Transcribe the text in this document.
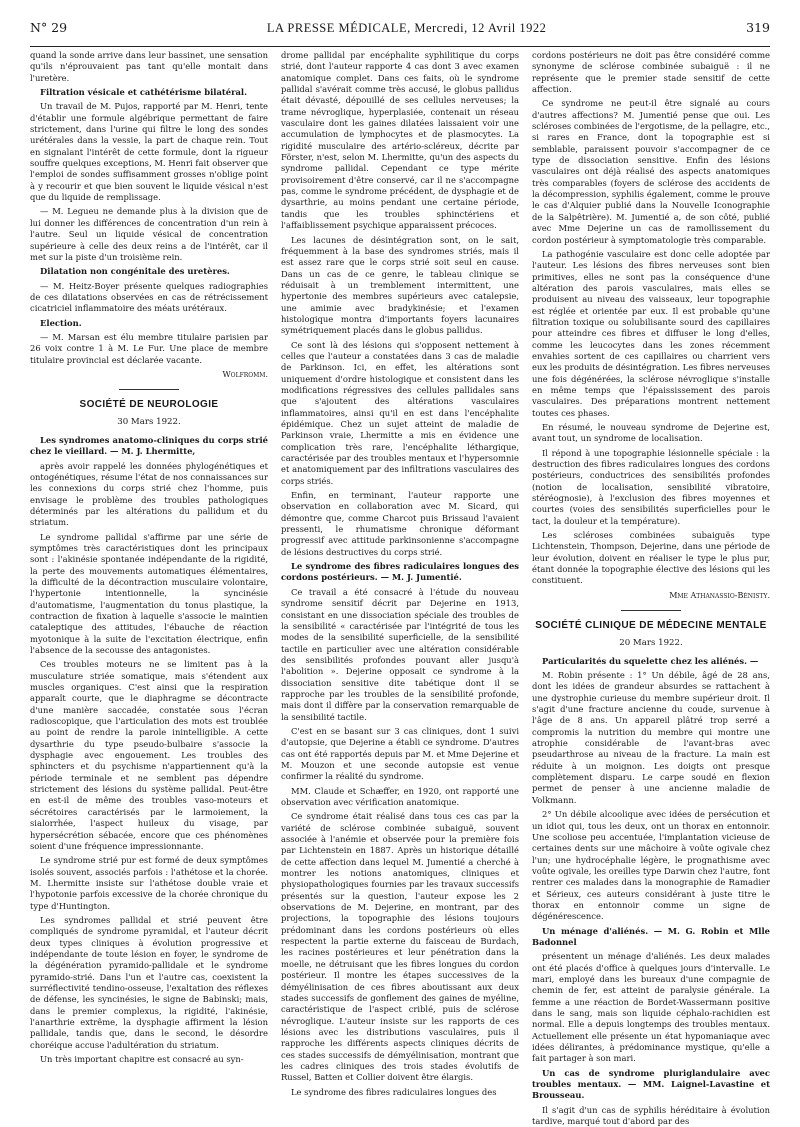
N° 29	LA PRESSE MÉDICALE, Mercredi, 12 Avril 1922	319

quand la sonde arrive dans leur bassinet, une sensation qu'ils n'éprouvaient pas tant qu'elle montait dans l'uretère.

Filtration vésicale et cathétérisme bilatéral.

Un travail de M. Pujos, rapporté par M. Henri, tente d'établir une formule algébrique permettant de faire strictement, dans l'urine qui filtre le long des sondes urétérales dans la vessie, la part de chaque rein. Tout en signalant l'intérêt de cette formule, dont la rigueur souffre quelques exceptions, M. Henri fait observer que l'emploi de sondes suffisamment grosses n'oblige point à y recourir et que bien souvent le liquide vésical n'est que du liquide de remplissage.

— M. Legueu ne demande plus à la division que de lui donner les différences de concentration d'un rein à l'autre. Seul un liquide vésical de concentration supérieure à celle des deux reins a de l'intérêt, car il met sur la piste d'un troisième rein.

Dilatation non congénitale des uretères.

— M. Heitz-Boyer présente quelques radiographies de ces dilatations observées en cas de rétrécissement cicatriciel inflammatoire des méats urétéraux.

Election.

— M. Marsan est élu membre titulaire parisien par 26 voix contre 1 à M. Le Fur. Une place de membre titulaire provincial est déclarée vacante.

Wolfromm.
SOCIÉTÉ DE NEUROLOGIE
30 Mars 1922.

Les syndromes anatomo-cliniques du corps strié chez le vieillard. — M. J. Lhermitte,

après avoir rappelé les données phylogénétiques et ontogénétiques, résume l'état de nos connaissances sur les connexions du corps strié chez l'homme, puis envisage le problème des troubles pathologiques déterminés par les altérations du pallidum et du striatum.

Le syndrome pallidal s'affirme par une série de symptômes très caractéristiques dont les principaux sont : l'akinésie spontanée indépendante de la rigidité, la perte des mouvements automatiques élémentaires, la difficulté de la décontraction musculaire volontaire, l'hypertonie intentionnelle, la syncinésie d'automatisme, l'augmentation du tonus plastique, la contraction de fixation à laquelle s'associe le maintien cataleptique des attitudes, l'ébauche de réaction myotonique à la suite de l'excitation électrique, enfin l'absence de la secousse des antagonistes.

Ces troubles moteurs ne se limitent pas à la musculature striée somatique, mais s'étendent aux muscles organiques. C'est ainsi que la respiration apparaît courte, que le diaphragme se décontracte d'une manière saccadée, constatée sous l'écran radioscopique, que l'articulation des mots est troublée au point de rendre la parole inintelligible. A cette dysarthrie du type pseudo-bulbaire s'associe la dysphagie avec engouement. Les troubles des sphincters et du psychisme n'appartiennent qu'à la période terminale et ne semblent pas dépendre strictement des lésions du système pallidal. Peut-être en est-il de même des troubles vaso-moteurs et sécrétoires caractérisés par le larmoiement, la sialorrhée, l'aspect huileux du visage, par hypersécrétion sébacée, encore que ces phénomènes soient d'une fréquence impressionnante.

Le syndrome strié pur est formé de deux symptômes isolés souvent, associés parfois : l'athétose et la chorée. M. Lhermitte insiste sur l'athétose double vraie et l'hypotonie parfois excessive de la chorée chronique du type d'Huntington.

Les syndromes pallidal et strié peuvent être compliqués de syndrome pyramidal, et l'auteur décrit deux types cliniques à évolution progressive et indépendante de toute lésion en foyer, le syndrome de la dégénération pyramido-pallidale et le syndrome pyramido-strié. Dans l'un et l'autre cas, coexistent la surréflectivité tendino-osseuse, l'exaltation des réflexes de défense, les syncinésies, le signe de Babinski; mais, dans le premier complexus, la rigidité, l'akinésie, l'anarthrie extrême, la dysphagie affirment la lésion pallidale, tandis que, dans le second, le désordre choréique accuse l'adultération du striatum.

Un très important chapitre est consacré au syn-

drome pallidal par encéphalite syphilitique du corps strié, dont l'auteur rapporte 4 cas dont 3 avec examen anatomique complet. Dans ces faits, où le syndrome pallidal s'avérait comme très accusé, le globus pallidus était dévasté, dépouillé de ses cellules nerveuses; la trame névroglique, hyperplasiée, contenait un réseau vasculaire dont les gaines dilatées laissaient voir une accumulation de lymphocytes et de plasmocytes. La rigidité musculaire des artério-scléreux, décrite par Förster, n'est, selon M. Lhermitte, qu'un des aspects du syndrome pallidal. Cependant ce type mérite provisoirement d'être conservé, car il ne s'accompagne pas, comme le syndrome précédent, de dysphagie et de dysarthrie, au moins pendant une certaine période, tandis que les troubles sphinctériens et l'affaiblissement psychique apparaissent précoces.

Les lacunes de désintégration sont, on le sait, fréquemment à la base des syndromes striés, mais il est assez rare que le corps strié soit seul en cause. Dans un cas de ce genre, le tableau clinique se réduisait à un tremblement intermittent, une hypertonie des membres supérieurs avec catalepsie, une amimie avec bradykinésie; et l'examen histologique montra d'importants foyers lacunaires symétriquement placés dans le globus pallidus.

Ce sont là des lésions qui s'opposent nettement à celles que l'auteur a constatées dans 3 cas de maladie de Parkinson. Ici, en effet, les altérations sont uniquement d'ordre histologique et consistent dans les modifications régressives des cellules pallidales sans que s'ajoutent des altérations vasculaires inflammatoires, ainsi qu'il en est dans l'encéphalite épidémique. Chez un sujet atteint de maladie de Parkinson vraie, Lhermitte a mis en évidence une complication très rare, l'encéphalite léthargique, caractérisée par des troubles mentaux et l'hypersomnie et anatomiquement par des infiltrations vasculaires des corps striés.

Enfin, en terminant, l'auteur rapporte une observation en collaboration avec M. Sicard, qui démontre que, comme Charcot puis Brissaud l'avaient pressenti, le rhumatisme chronique déformant progressif avec attitude parkinsonienne s'accompagne de lésions destructives du corps strié.

Le syndrome des fibres radiculaires longues des cordons postérieurs. — M. J. Jumentié.

Ce travail a été consacré à l'étude du nouveau syndrome sensitif décrit par Dejerine en 1913, consistant en une dissociation spéciale des troubles de la sensibilité « caractérisée par l'intégrité de tous les modes de la sensibilité superficielle, de la sensibilité tactile en particulier avec une altération considérable des sensibilités profondes pouvant aller jusqu'à l'abolition ». Dejerine opposait ce syndrome à la dissociation sensitive dite tabétique dont il se rapproche par les troubles de la sensibilité profonde, mais dont il diffère par la conservation remarquable de la sensibilité tactile.

C'est en se basant sur 3 cas cliniques, dont 1 suivi d'autopsie, que Dejerine a établi ce syndrome. D'autres cas ont été rapportés depuis par M. et Mme Dejerine et M. Mouzon et une seconde autopsie est venue confirmer la réalité du syndrome.

MM. Claude et Schæffer, en 1920, ont rapporté une observation avec vérification anatomique.

Ce syndrome était réalisé dans tous ces cas par la variété de sclérose combinée subaiguë, souvent associée à l'anémie et observée pour la première fois par Lichtenstein en 1887. Après un historique détaillé de cette affection dans lequel M. Jumentié a cherché à montrer les notions anatomiques, cliniques et physiopathologiques fournies par les travaux successifs présentés sur la question, l'auteur expose les 2 observations de M. Dejerine, en montrant, par des projections, la topographie des lésions toujours prédominant dans les cordons postérieurs où elles respectent la partie externe du faisceau de Burdach, les racines postérieures et leur pénétration dans la moelle, ne détruisant que les fibres longues du cordon postérieur. Il montre les étapes successives de la démyélinisation de ces fibres aboutissant aux deux stades successifs de gonflement des gaines de myéline, caractéristique de l'aspect criblé, puis de sclérose névroglique. L'auteur insiste sur les rapports de ces lésions avec les distributions vasculaires, puis il rapproche les différents aspects cliniques décrits de ces stades successifs de démyélinisation, montrant que les cadres cliniques des trois stades évolutifs de Russel, Batten et Collier doivent être élargis.

Le syndrome des fibres radiculaires longues des

cordons postérieurs ne doit pas être considéré comme synonyme de sclérose combinée subaiguë : il ne représente que le premier stade sensitif de cette affection.

Ce syndrome ne peut-il être signalé au cours d'autres affections? M. Jumentié pense que oui. Les scléroses combinées de l'ergotisme, de la pellagre, etc., si rares en France, dont la topographie est si semblable, paraissent pouvoir s'accompagner de ce type de dissociation sensitive. Enfin des lésions vasculaires ont déjà réalisé des aspects anatomiques très comparables (foyers de sclérose des accidents de la décompression, syphilis également, comme le prouve le cas d'Alquier publié dans la Nouvelle Iconographie de la Salpêtrière). M. Jumentié a, de son côté, publié avec Mme Dejerine un cas de ramollissement du cordon postérieur à symptomatologie très comparable.

La pathogénie vasculaire est donc celle adoptée par l'auteur. Les lésions des fibres nerveuses sont bien primitives, elles ne sont pas la conséquence d'une altération des parois vasculaires, mais elles se produisent au niveau des vaisseaux, leur topographie est réglée et orientée par eux. Il est probable qu'une filtration toxique ou solubilisante sourd des capillaires pour atteindre ces fibres et diffuser le long d'elles, comme les leucocytes dans les zones récemment envahies sortent de ces capillaires ou charrient vers eux les produits de désintégration. Les fibres nerveuses une fois dégénérées, la sclérose névroglique s'installe en même temps que l'épaississement des parois vasculaires. Des préparations montrent nettement toutes ces phases.

En résumé, le nouveau syndrome de Dejerine est, avant tout, un syndrome de localisation.

Il répond à une topographie lésionnelle spéciale : la destruction des fibres radiculaires longues des cordons postérieurs, conductrices des sensibilités profondes (notion de localisation, sensibilité vibratoire, stéréognosie), à l'exclusion des fibres moyennes et courtes (voies des sensibilités superficielles pour le tact, la douleur et la température).

Les scléroses combinées subaiguës type Lichtenstein, Thompson, Dejerine, dans une période de leur évolution, doivent en réaliser le type le plus pur, étant donnée la topographie élective des lésions qui les constituent.

Mme Athanassio-Bénisty.
SOCIÉTÉ CLINIQUE DE MÉDECINE MENTALE
20 Mars 1922.

Particularités du squelette chez les aliénés. —

M. Robin présente : 1° Un débile, âgé de 28 ans, dont les idées de grandeur absurdes se rattachent à une dystrophie curieuse du membre supérieur droit. Il s'agit d'une fracture ancienne du coude, survenue à l'âge de 8 ans. Un appareil plâtré trop serré a compromis la nutrition du membre qui montre une atrophie considérable de l'avant-bras avec pseudarthrose au niveau de la fracture. La main est réduite à un moignon. Les doigts ont presque complètement disparu. Le carpe soudé en flexion permet de penser à une ancienne maladie de Volkmann.

2° Un débile alcoolique avec idées de persécution et un idiot qui, tous les deux, ont un thorax en entonnoir. Une scoliose peu accentuée, l'implantation vicieuse de certaines dents sur une mâchoire à voûte ogivale chez l'un; une hydrocéphalie légère, le prognathisme avec voûte ogivale, les oreilles type Darwin chez l'autre, font rentrer ces malades dans la monographie de Ramadier et Sérieux, ces auteurs considérant à juste titre le thorax en entonnoir comme un signe de dégénérescence.

Un ménage d'aliénés. — M. G. Robin et Mlle Badonnel

présentent un ménage d'aliénés. Les deux malades ont été placés d'office à quelques jours d'intervalle. Le mari, employé dans les bureaux d'une compagnie de chemin de fer, est atteint de paralysie générale. La femme a une réaction de Bordet-Wassermann positive dans le sang, mais son liquide céphalo-rachidien est normal. Elle a depuis longtemps des troubles mentaux. Actuellement elle présente un état hypomaniaque avec idées délirantes, à prédominance mystique, qu'elle a fait partager à son mari.

Un cas de syndrome pluriglandulaire avec troubles mentaux. — MM. Laignel-Lavastine et Brousseau.

Il s'agit d'un cas de syphilis héréditaire à évolution tardive, marqué tout d'abord par des
